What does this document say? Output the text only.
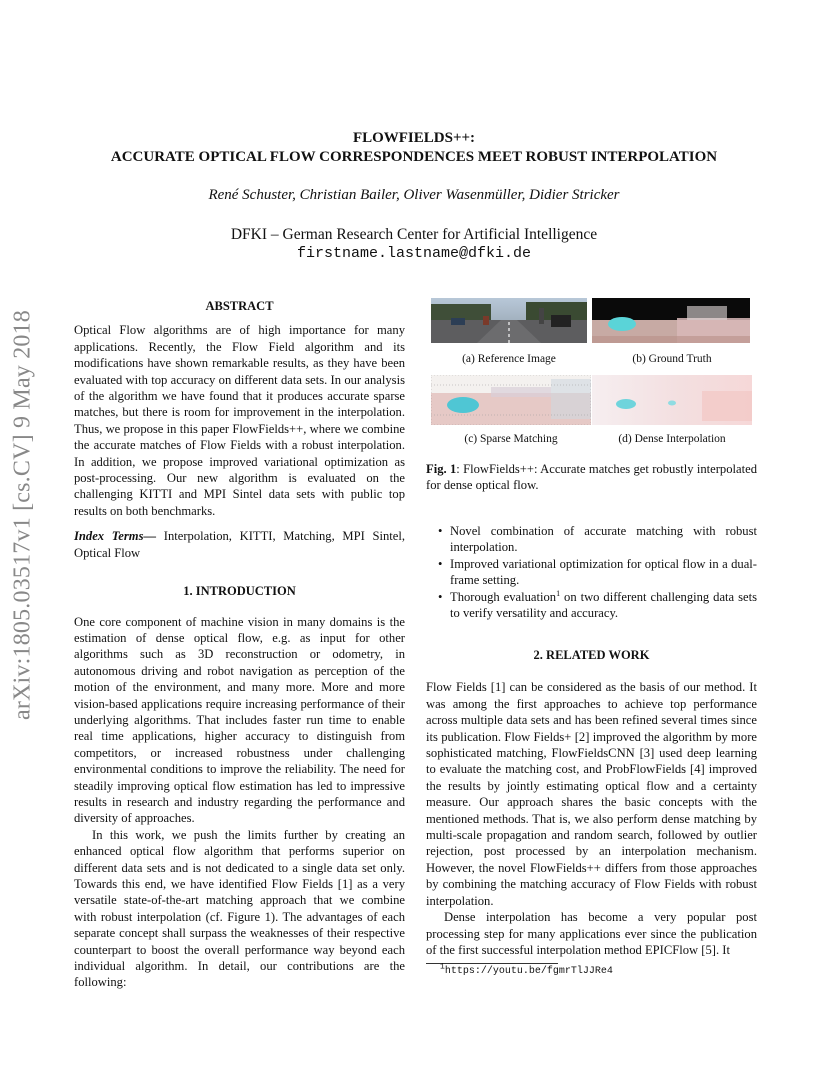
FLOWFIELDS++:
ACCURATE OPTICAL FLOW CORRESPONDENCES MEET ROBUST INTERPOLATION
René Schuster, Christian Bailer, Oliver Wasenmüller, Didier Stricker
DFKI – German Research Center for Artificial Intelligence
firstname.lastname@dfki.de
arXiv:1805.03517v1 [cs.CV] 9 May 2018
ABSTRACT

Optical Flow algorithms are of high importance for many applications. Recently, the Flow Field algorithm and its modifications have shown remarkable results, as they have been evaluated with top accuracy on different data sets. In our analysis of the algorithm we have found that it produces accurate sparse matches, but there is room for improvement in the interpolation. Thus, we propose in this paper FlowFields++, where we combine the accurate matches of Flow Fields with a robust interpolation. In addition, we propose improved variational optimization as post-processing. Our new algorithm is evaluated on the challenging KITTI and MPI Sintel data sets with public top results on both benchmarks.

Index Terms— Interpolation, KITTI, Matching, MPI Sintel, Optical Flow

1. INTRODUCTION

One core component of machine vision in many domains is the estimation of dense optical flow, e.g. as input for other algorithms such as 3D reconstruction or odometry, in autonomous driving and robot navigation as perception of the motion of the environment, and many more. More and more vision-based applications require increasing performance of their underlying algorithms. That includes faster run time to enable real time applications, higher accuracy to distinguish from competitors, or increased robustness under challenging environmental conditions to improve the reliability. The need for steadily improving optical flow estimation has led to impressive results in research and industry regarding the performance and diversity of approaches.

In this work, we push the limits further by creating an enhanced optical flow algorithm that performs superior on different data sets and is not dedicated to a single data set only. Towards this end, we have identified Flow Fields [1] as a very versatile state-of-the-art matching approach that we combine with robust interpolation (cf. Figure 1). The advantages of each separate concept shall surpass the weaknesses of their respective counterpart to boost the overall performance way beyond each individual algorithm. In detail, our contributions are the following:

(a) Reference Image	(b) Ground Truth
(c) Sparse Matching	(d) Dense Interpolation

Fig. 1: FlowFields++: Accurate matches get robustly interpolated for dense optical flow.

• Novel combination of accurate matching with robust interpolation.
• Improved variational optimization for optical flow in a dual-frame setting.
• Thorough evaluation$^1$ on two different challenging data sets to verify versatility and accuracy.
2. RELATED WORK

Flow Fields [1] can be considered as the basis of our method. It was among the first approaches to achieve top performance across multiple data sets and has been refined several times since its publication. Flow Fields+ [2] improved the algorithm by more sophisticated matching, FlowFieldsCNN [3] used deep learning to evaluate the matching cost, and ProbFlowFields [4] improved the results by jointly estimating optical flow and a certainty measure. Our approach shares the basic concepts with the mentioned methods. That is, we also perform dense matching by multi-scale propagation and random search, followed by outlier rejection, post processed by an interpolation mechanism. However, the novel FlowFields++ differs from those approaches by combining the matching accuracy of Flow Fields with robust interpolation.

Dense interpolation has become a very popular post processing step for many applications ever since the publication of the first successful interpolation method EPICFlow [5]. It

$^1$https://youtu.be/fgmrTlJJRe4
